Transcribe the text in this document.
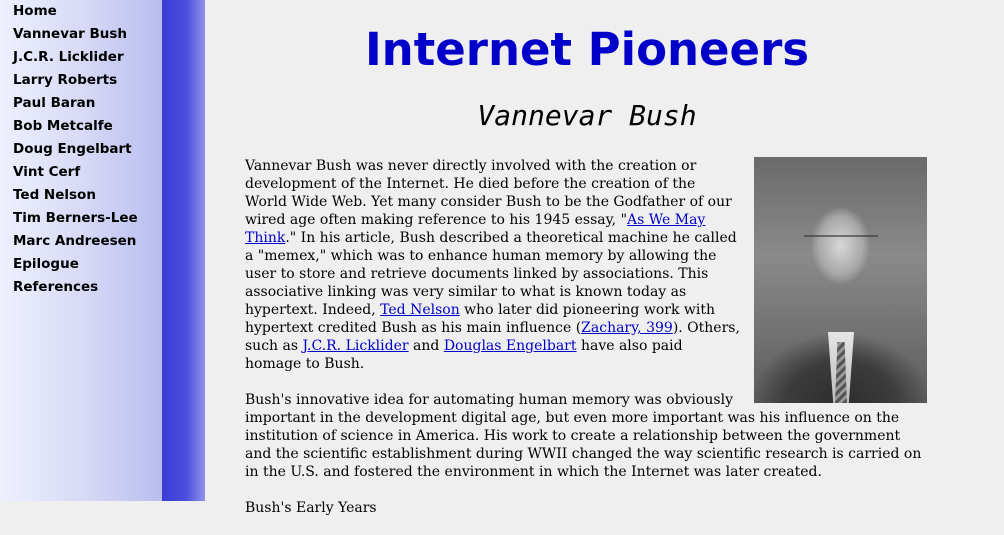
Home
Vannevar Bush
J.C.R. Licklider
Larry Roberts
Paul Baran
Bob Metcalfe
Doug Engelbart
Vint Cerf
Ted Nelson
Tim Berners-Lee
Marc Andreesen
Epilogue
References
Internet Pioneers
Vannevar Bush

Vannevar Bush was never directly involved with the creation or development of the Internet. He died before the creation of the World Wide Web. Yet many consider Bush to be the Godfather of our wired age often making reference to his 1945 essay, "As We May Think." In his article, Bush described a theoretical machine he called a "memex," which was to enhance human memory by allowing the user to store and retrieve documents linked by associations. This associative linking was very similar to what is known today as hypertext. Indeed, Ted Nelson who later did pioneering work with hypertext credited Bush as his main influence (Zachary, 399). Others, such as J.C.R. Licklider and Douglas Engelbart have also paid homage to Bush.

Bush's innovative idea for automating human memory was obviously important in the development digital age, but even more important was his influence on the institution of science in America. His work to create a relationship between the government and the scientific establishment during WWII changed the way scientific research is carried on in the U.S. and fostered the environment in which the Internet was later created.

Bush's Early Years
